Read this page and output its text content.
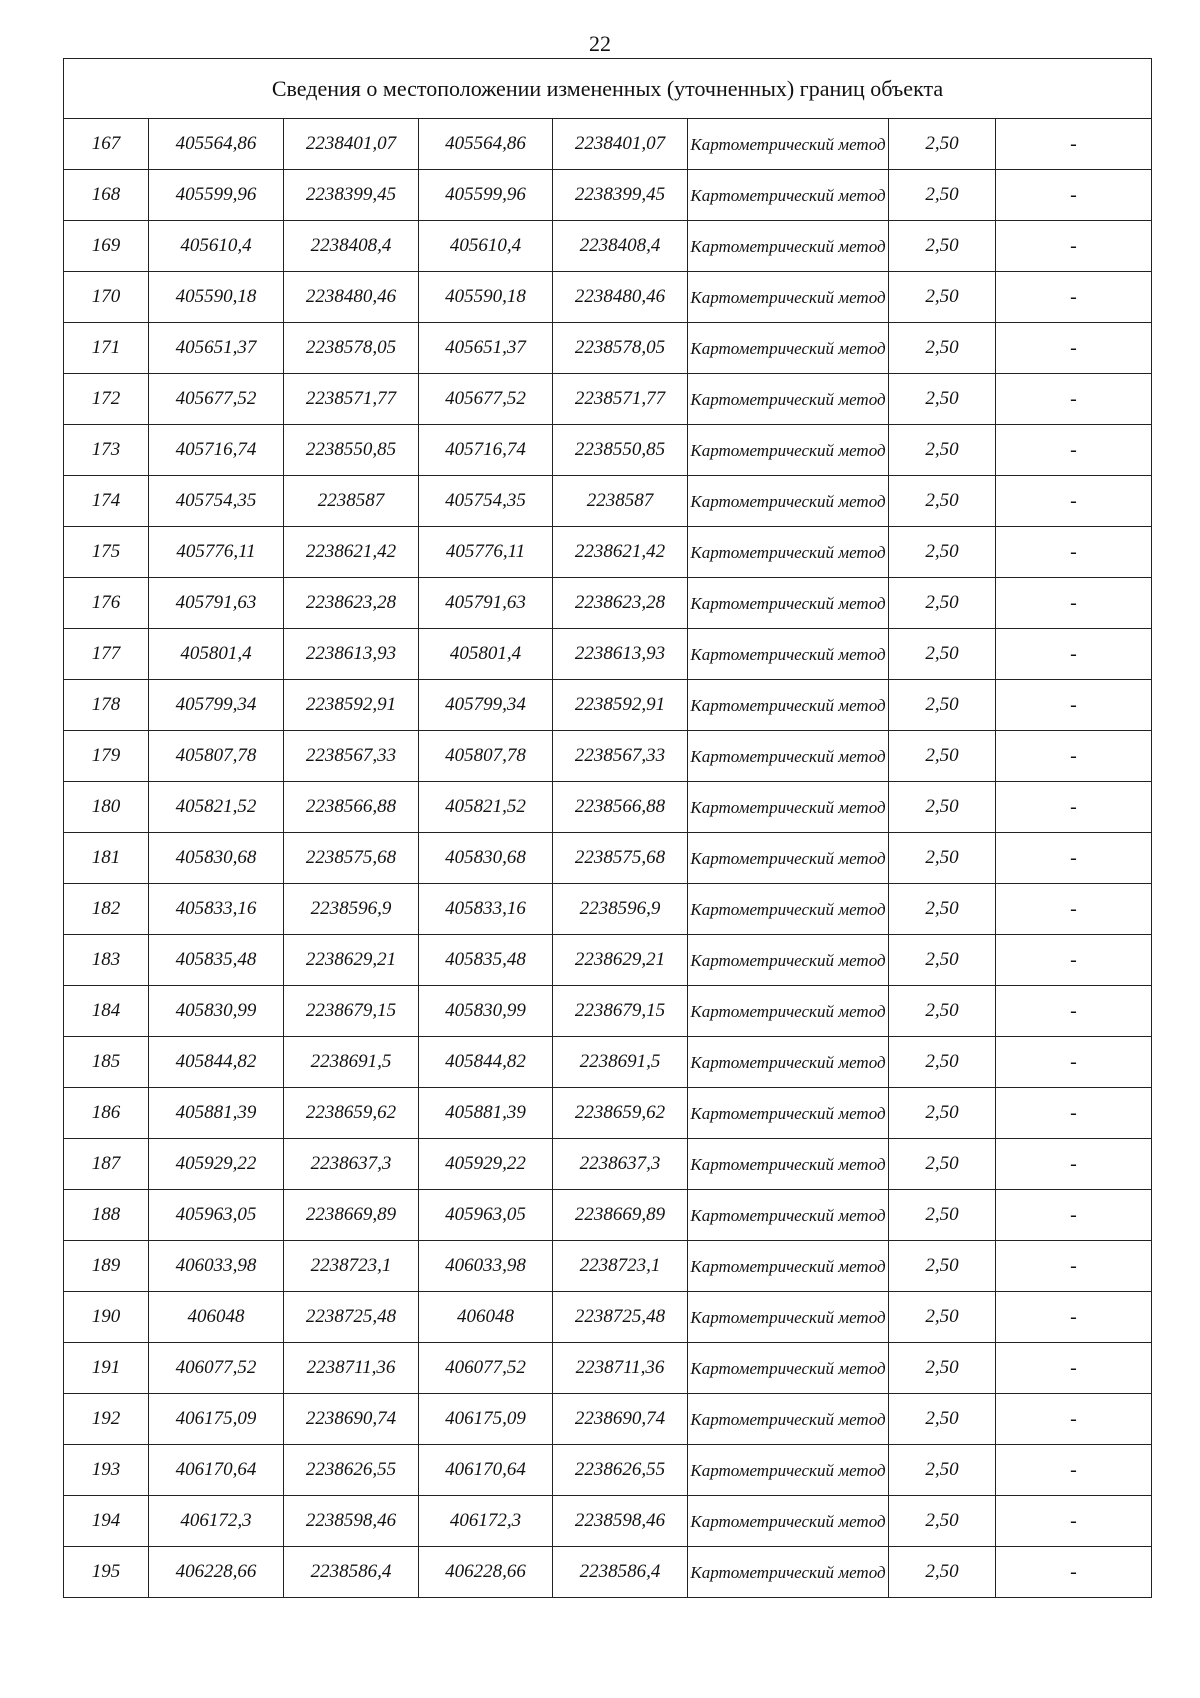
22
Сведения о местоположении измененных (уточненных) границ объекта							
167	405564,86	2238401,07	405564,86	2238401,07	Картометрический метод	2,50	-
168	405599,96	2238399,45	405599,96	2238399,45	Картометрический метод	2,50	-
169	405610,4	2238408,4	405610,4	2238408,4	Картометрический метод	2,50	-
170	405590,18	2238480,46	405590,18	2238480,46	Картометрический метод	2,50	-
171	405651,37	2238578,05	405651,37	2238578,05	Картометрический метод	2,50	-
172	405677,52	2238571,77	405677,52	2238571,77	Картометрический метод	2,50	-
173	405716,74	2238550,85	405716,74	2238550,85	Картометрический метод	2,50	-
174	405754,35	2238587	405754,35	2238587	Картометрический метод	2,50	-
175	405776,11	2238621,42	405776,11	2238621,42	Картометрический метод	2,50	-
176	405791,63	2238623,28	405791,63	2238623,28	Картометрический метод	2,50	-
177	405801,4	2238613,93	405801,4	2238613,93	Картометрический метод	2,50	-
178	405799,34	2238592,91	405799,34	2238592,91	Картометрический метод	2,50	-
179	405807,78	2238567,33	405807,78	2238567,33	Картометрический метод	2,50	-
180	405821,52	2238566,88	405821,52	2238566,88	Картометрический метод	2,50	-
181	405830,68	2238575,68	405830,68	2238575,68	Картометрический метод	2,50	-
182	405833,16	2238596,9	405833,16	2238596,9	Картометрический метод	2,50	-
183	405835,48	2238629,21	405835,48	2238629,21	Картометрический метод	2,50	-
184	405830,99	2238679,15	405830,99	2238679,15	Картометрический метод	2,50	-
185	405844,82	2238691,5	405844,82	2238691,5	Картометрический метод	2,50	-
186	405881,39	2238659,62	405881,39	2238659,62	Картометрический метод	2,50	-
187	405929,22	2238637,3	405929,22	2238637,3	Картометрический метод	2,50	-
188	405963,05	2238669,89	405963,05	2238669,89	Картометрический метод	2,50	-
189	406033,98	2238723,1	406033,98	2238723,1	Картометрический метод	2,50	-
190	406048	2238725,48	406048	2238725,48	Картометрический метод	2,50	-
191	406077,52	2238711,36	406077,52	2238711,36	Картометрический метод	2,50	-
192	406175,09	2238690,74	406175,09	2238690,74	Картометрический метод	2,50	-
193	406170,64	2238626,55	406170,64	2238626,55	Картометрический метод	2,50	-
194	406172,3	2238598,46	406172,3	2238598,46	Картометрический метод	2,50	-
195	406228,66	2238586,4	406228,66	2238586,4	Картометрический метод	2,50	-
